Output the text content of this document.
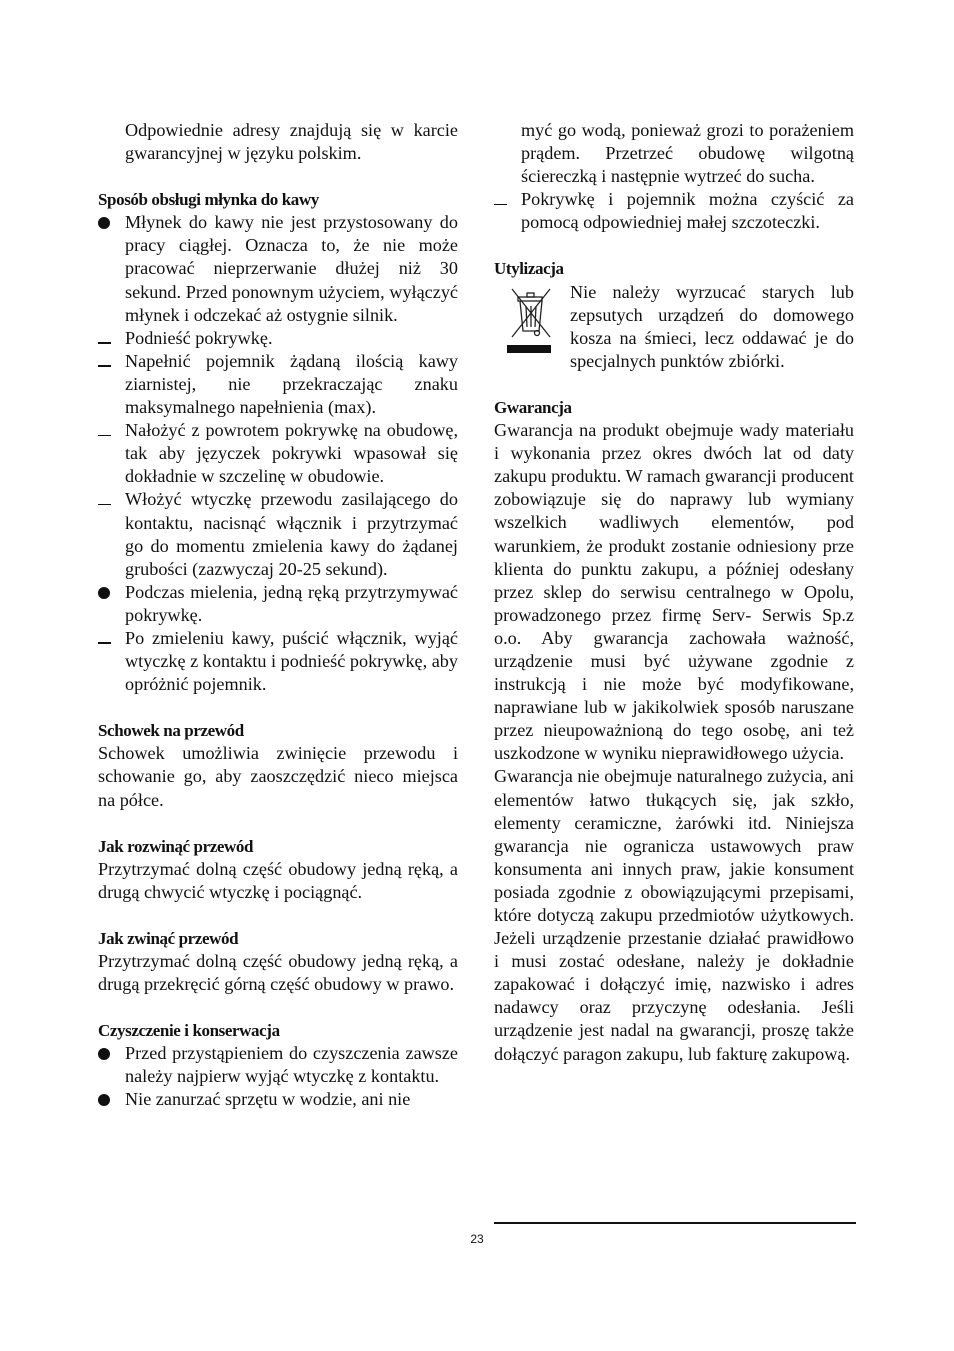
Odpowiednie adresy znajdują się w karcie gwarancyjnej w języku polskim.

Sposób obsługi młynka do kawy

Młynek do kawy nie jest przystosowany do pracy ciągłej. Oznacza to, że nie może pracować nieprzerwanie dłużej niż 30 sekund. Przed ponownym użyciem, wyłączyć młynek i odczekać aż ostygnie silnik.
Podnieść pokrywkę.
Napełnić pojemnik żądaną ilością kawy ziarnistej, nie przekraczając znaku maksymalnego napełnienia (max).
Nałożyć z powrotem pokrywkę na obudowę, tak aby języczek pokrywki wpasował się dokładnie w szczelinę w obudowie.
Włożyć wtyczkę przewodu zasilającego do kontaktu, nacisnąć włącznik i przytrzymać go do momentu zmielenia kawy do żądanej grubości (zazwyczaj 20-25 sekund).
Podczas mielenia, jedną ręką przytrzymywać pokrywkę.
Po zmieleniu kawy, puścić włącznik, wyjąć wtyczkę z kontaktu i podnieść pokrywkę, aby opróżnić pojemnik.

Schowek na przewód

Schowek umożliwia zwinięcie przewodu i schowanie go, aby zaoszczędzić nieco miejsca na półce.

Jak rozwinąć przewód

Przytrzymać dolną część obudowy jedną ręką, a drugą chwycić wtyczkę i pociągnąć.

Jak zwinąć przewód

Przytrzymać dolną część obudowy jedną ręką, a drugą przekręcić górną część obudowy w prawo.

Czyszczenie i konserwacja

Przed przystąpieniem do czyszczenia zawsze należy najpierw wyjąć wtyczkę z kontaktu.
Nie zanurzać sprzętu w wodzie, ani nie

myć go wodą, ponieważ grozi to porażeniem prądem. Przetrzeć obudowę wilgotną ściereczką i następnie wytrzeć do sucha.

Pokrywkę i pojemnik można czyścić za pomocą odpowiedniej małej szczoteczki.

Utylizacja

Nie należy wyrzucać starych lub zepsutych urządzeń do domowego kosza na śmieci, lecz oddawać je do specjalnych punktów zbiórki.

Gwarancja

Gwarancja na produkt obejmuje wady materiału i wykonania przez okres dwóch lat od daty zakupu produktu. W ramach gwarancji producent zobowiązuje się do naprawy lub wymiany wszelkich wadliwych elementów, pod warunkiem, że produkt zostanie odniesiony prze klienta do punktu zakupu, a później odesłany przez sklep do serwisu centralnego w Opolu, prowadzonego przez firmę Serv- Serwis Sp.z o.o. Aby gwarancja zachowała ważność, urządzenie musi być używane zgodnie z instrukcją i nie może być modyfikowane, naprawiane lub w jakikolwiek sposób naruszane przez nieupoważnioną do tego osobę, ani też uszkodzone w wyniku nieprawidłowego użycia.

Gwarancja nie obejmuje naturalnego zużycia, ani elementów łatwo tłukących się, jak szkło, elementy ceramiczne, żarówki itd. Niniejsza gwarancja nie ogranicza ustawowych praw konsumenta ani innych praw, jakie konsument posiada zgodnie z obowiązującymi przepisami, które dotyczą zakupu przedmiotów użytkowych. Jeżeli urządzenie przestanie działać prawidłowo i musi zostać odesłane, należy je dokładnie zapakować i dołączyć imię, nazwisko i adres nadawcy oraz przyczynę odesłania. Jeśli urządzenie jest nadal na gwarancji, proszę także dołączyć paragon zakupu, lub fakturę zakupową.

23
